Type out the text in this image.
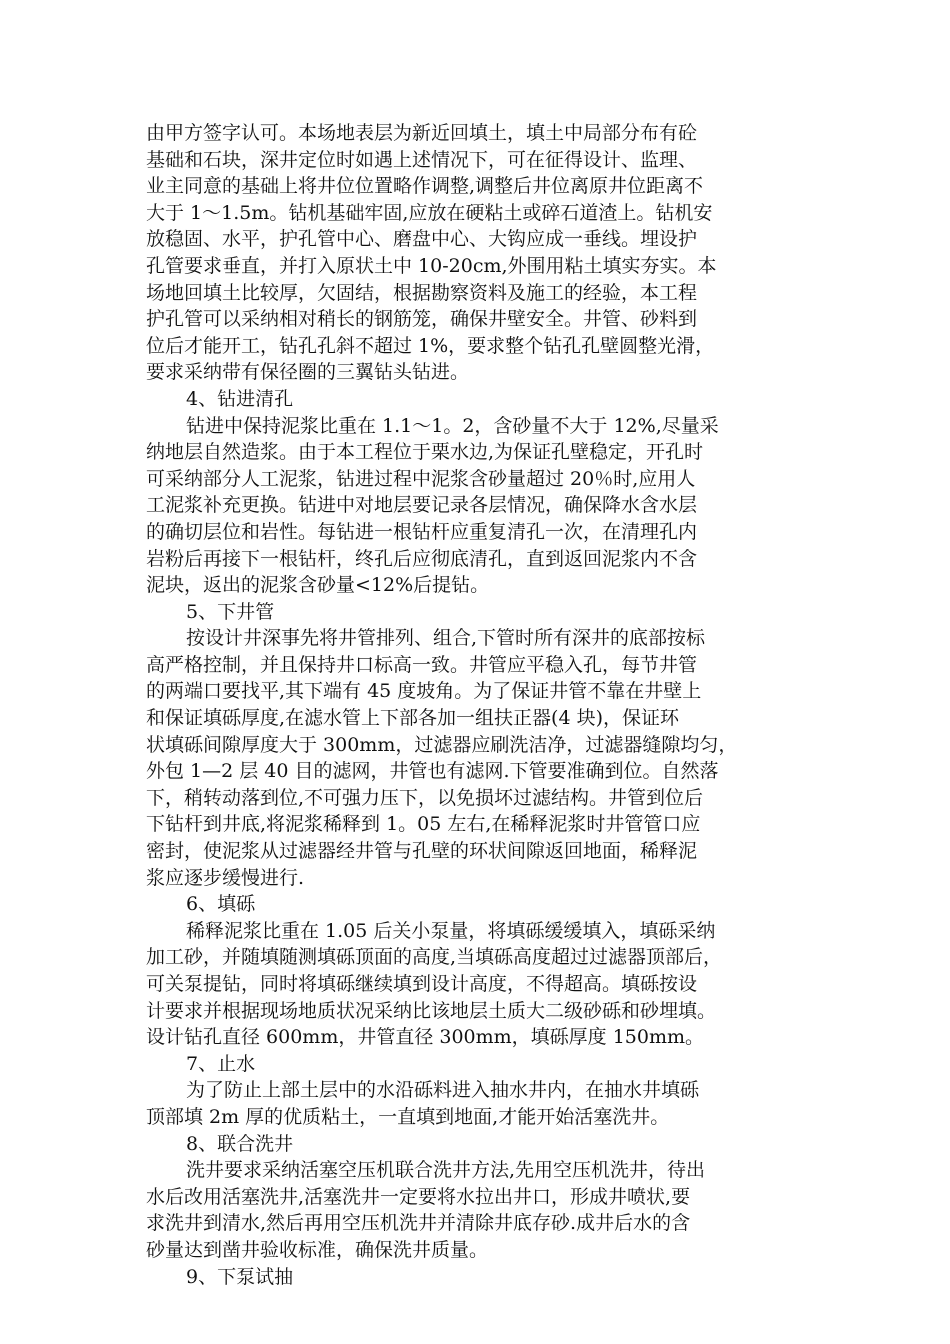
由甲方签字认可。本场地表层为新近回填土，填土中局部分布有砼
基础和石块，深井定位时如遇上述情况下，可在征得设计、监理、
业主同意的基础上将井位位置略作调整,调整后井位离原井位距离不
大于 1～1.5m。钻机基础牢固,应放在硬粘土或碎石道渣上。钻机安
放稳固、水平，护孔管中心、磨盘中心、大钩应成一垂线。埋设护
孔管要求垂直，并打入原状土中 10-20cm,外围用粘土填实夯实。本
场地回填土比较厚，欠固结，根据勘察资料及施工的经验，本工程
护孔管可以采纳相对稍长的钢筋笼，确保井壁安全。井管、砂料到
位后才能开工，钻孔孔斜不超过 1%，要求整个钻孔孔壁圆整光滑，
要求采纳带有保径圈的三翼钻头钻进。
4、钻进清孔
钻进中保持泥浆比重在 1.1～1。2，含砂量不大于 12%,尽量采
纳地层自然造浆。由于本工程位于栗水边,为保证孔壁稳定，开孔时
可采纳部分人工泥浆，钻进过程中泥浆含砂量超过 20％时,应用人
工泥浆补充更换。钻进中对地层要记录各层情况，确保降水含水层
的确切层位和岩性。每钻进一根钻杆应重复清孔一次，在清理孔内
岩粉后再接下一根钻杆，终孔后应彻底清孔，直到返回泥浆内不含
泥块，返出的泥浆含砂量<12%后提钻。
5、下井管
按设计井深事先将井管排列、组合,下管时所有深井的底部按标
高严格控制，并且保持井口标高一致。井管应平稳入孔，每节井管
的两端口要找平,其下端有 45 度坡角。为了保证井管不靠在井壁上
和保证填砾厚度,在滤水管上下部各加一组扶正器(4 块)，保证环
状填砾间隙厚度大于 300mm，过滤器应刷洗洁净，过滤器缝隙均匀，
外包 1—2 层 40 目的滤网，井管也有滤网.下管要准确到位。自然落
下，稍转动落到位,不可强力压下，以免损坏过滤结构。井管到位后
下钻杆到井底,将泥浆稀释到 1。05 左右,在稀释泥浆时井管管口应
密封，使泥浆从过滤器经井管与孔壁的环状间隙返回地面，稀释泥
浆应逐步缓慢进行.
6、填砾
稀释泥浆比重在 1.05 后关小泵量，将填砾缓缓填入，填砾采纳
加工砂，并随填随测填砾顶面的高度,当填砾高度超过过滤器顶部后，
可关泵提钻，同时将填砾继续填到设计高度，不得超高。填砾按设
计要求并根据现场地质状况采纳比该地层土质大二级砂砾和砂埋填。
设计钻孔直径 600mm，井管直径 300mm，填砾厚度 150mm。
7、止水
为了防止上部土层中的水沿砾料进入抽水井内，在抽水井填砾
顶部填 2m 厚的优质粘土，一直填到地面,才能开始活塞洗井。
8、联合洗井
洗井要求采纳活塞空压机联合洗井方法,先用空压机洗井，待出
水后改用活塞洗井,活塞洗井一定要将水拉出井口，形成井喷状,要
求洗井到清水,然后再用空压机洗井并清除井底存砂.成井后水的含
砂量达到凿井验收标准，确保洗井质量。
9、下泵试抽
